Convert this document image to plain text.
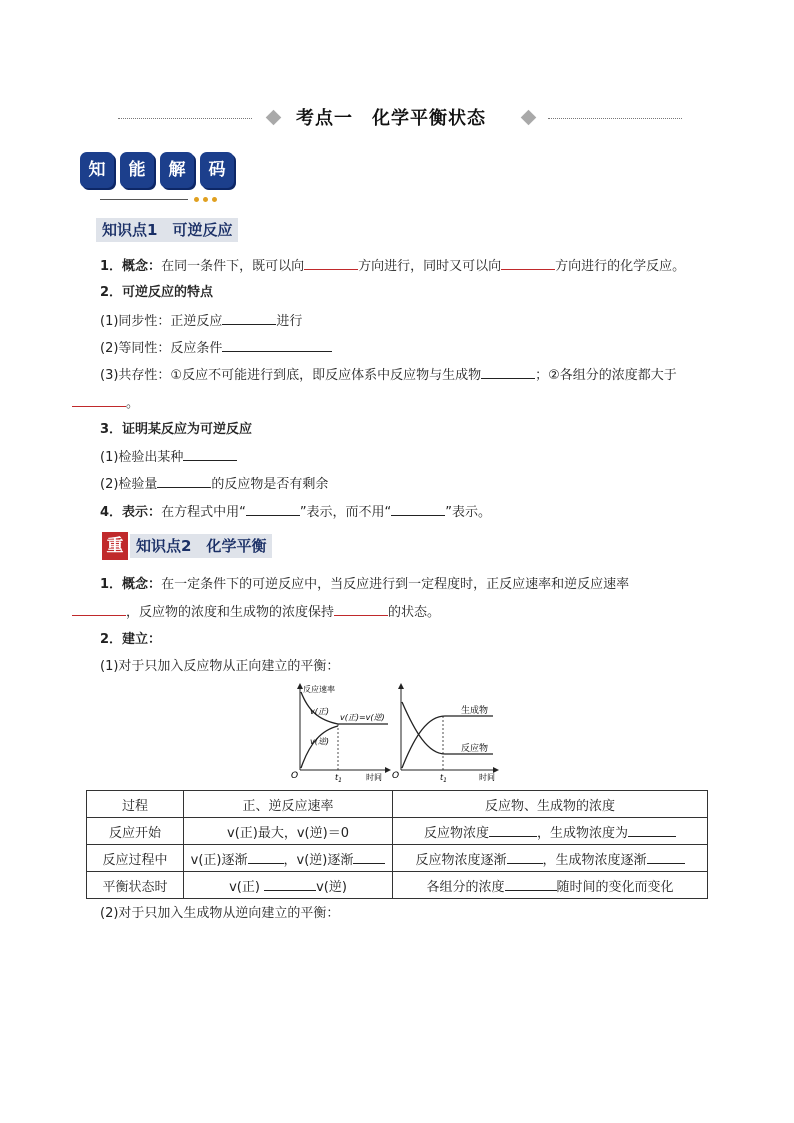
考点一　化学平衡状态
知	能	解	码
知识点1　可逆反应
1．概念：在同一条件下，既可以向	方向进行，同时又可以向	方向进行的化学反应。
2．可逆反应的特点
(1)同步性：正逆反应	进行
(2)等同性：反应条件
(3)共存性：①反应不可能进行到底，即反应体系中反应物与生成物	；②各组分的浓度都大于
。
3．证明某反应为可逆反应
(1)检验出某种
(2)检验量	的反应物是否有剩余
4．表示：在方程式中用“	”表示，而不用“	”表示。
重 知识点2　化学平衡
1．概念：在一定条件下的可逆反应中，当反应进行到一定程度时，正反应速率和逆反应速率
，反应物的浓度和生成物的浓度保持	的状态。
2．建立：
(1)对于只加入反应物从正向建立的平衡：
反应速率
v(正)
v(正)=v(逆)
v(逆)
O	$t_1$	时间
生成物
反应物
O	$t_1$	时间
过程	正、逆反应速率	反应物、生成物的浓度
反应开始	v(正)最大，v(逆)＝0	反应物浓度 ，生成物浓度为
反应过程中	v(正)逐渐 ，v(逆)逐渐	反应物浓度逐渐 ，生成物浓度逐渐
平衡状态时	v(正) v(逆)	各组分的浓度 随时间的变化而变化
(2)对于只加入生成物从逆向建立的平衡：
